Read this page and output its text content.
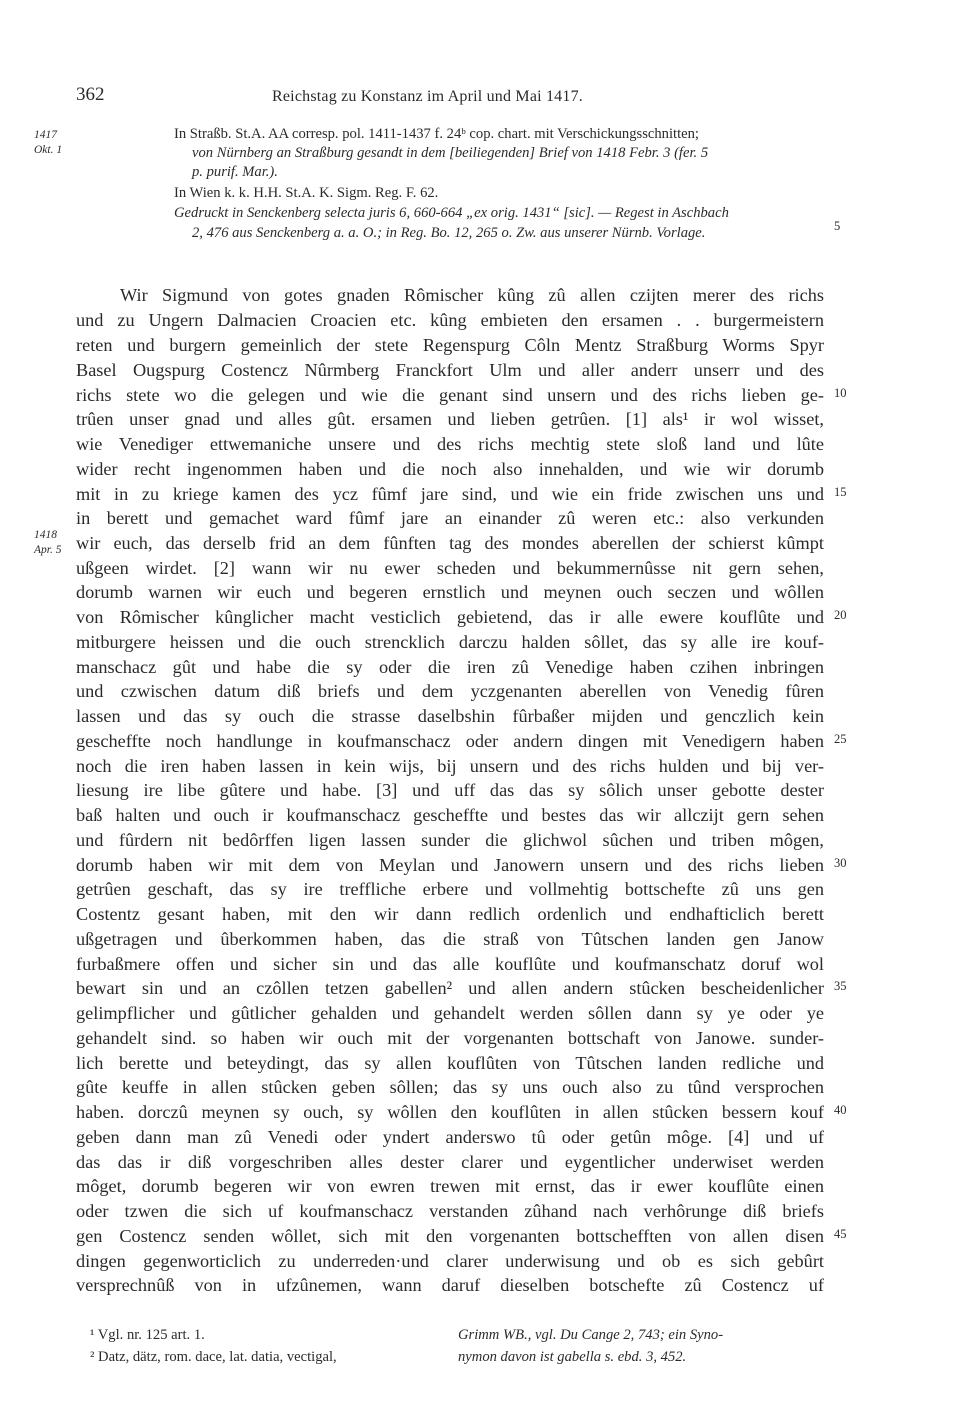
362	Reichstag zu Konstanz im April und Mai 1417.
1417
Okt. 1
In Straßb. St.A. AA corresp. pol. 1411-1437 f. 24ᵇ cop. chart. mit Verschickungsschnitten;
von Nürnberg an Straßburg gesandt in dem [beiliegenden] Brief von 1418 Febr. 3 (fer. 5
p. purif. Mar.).
In Wien k. k. H.H. St.A. K. Sigm. Reg. F. 62.
Gedruckt in Senckenberg selecta juris 6, 660-664 „ex orig. 1431“ [sic]. — Regest in Aschbach
2, 476 aus Senckenberg a. a. O.; in Reg. Bo. 12, 265 o. Zw. aus unserer Nürnb. Vorlage.	5
Wir Sigmund von gotes gnaden Rômischer kûng zû allen czijten merer des richs
und zu Ungern Dalmacien Croacien etc. kûng embieten den ersamen . . burgermeistern
reten und burgern gemeinlich der stete Regenspurg Côln Mentz Straßburg Worms Spyr
Basel Ougspurg Costencz Nûrmberg Franckfort Ulm und aller anderr unserr und des
richs stete wo die gelegen und wie die genant sind unsern und des richs lieben ge-
trûen unser gnad und alles gût. ersamen und lieben getrûen. [1] als¹ ir wol wisset,
wie Venediger ettwemaniche unsere und des richs mechtig stete sloß land und lûte
wider recht ingenommen haben und die noch also innehalden, und wie wir dorumb
mit in zu kriege kamen des ycz fûmf jare sind, und wie ein fride zwischen uns und
in berett und gemachet ward fûmf jare an einander zû weren etc.: also verkunden
wir euch, das derselb frid an dem fûnften tag des mondes aberellen der schierst kûmpt
ußgeen wirdet. [2] wann wir nu ewer scheden und bekummernûsse nit gern sehen,
dorumb warnen wir euch und begeren ernstlich und meynen ouch seczen und wôllen
von Rômischer kûnglicher macht vesticlich gebietend, das ir alle ewere kouflûte und
mitburgere heissen und die ouch strencklich darczu halden sôllet, das sy alle ire kouf-
manschacz gût und habe die sy oder die iren zû Venedige haben czihen inbringen
und czwischen datum diß briefs und dem yczgenanten aberellen von Venedig fûren
lassen und das sy ouch die strasse daselbshin fûrbaßer mijden und genczlich kein
gescheffte noch handlunge in koufmanschacz oder andern dingen mit Venedigern haben
noch die iren haben lassen in kein wijs, bij unsern und des richs hulden und bij ver-
liesung ire libe gûtere und habe. [3] und uff das das sy sôlich unser gebotte dester
baß halten und ouch ir koufmanschacz gescheffte und bestes das wir allczijt gern sehen
und fûrdern nit bedôrffen ligen lassen sunder die glichwol sûchen und triben môgen,
dorumb haben wir mit dem von Meylan und Janowern unsern und des richs lieben
getrûen geschaft, das sy ire treffliche erbere und vollmehtig bottschefte zû uns gen
Costentz gesant haben, mit den wir dann redlich ordenlich und endhafticlich berett
ußgetragen und ûberkommen haben, das die straß von Tûtschen landen gen Janow
furbaßmere offen und sicher sin und das alle kouflûte und koufmanschatz doruf wol
bewart sin und an czôllen tetzen gabellen² und allen andern stûcken bescheidenlicher
gelimpflicher und gûtlicher gehalden und gehandelt werden sôllen dann sy ye oder ye
gehandelt sind. so haben wir ouch mit der vorgenanten bottschaft von Janowe. sunder-
lich berette und beteydingt, das sy allen kouflûten von Tûtschen landen redliche und
gûte keuffe in allen stûcken geben sôllen; das sy uns ouch also zu tûnd versprochen
haben. dorczû meynen sy ouch, sy wôllen den kouflûten in allen stûcken bessern kouf
geben dann man zû Venedi oder yndert anderswo tû oder getûn môge. [4] und uf
das das ir diß vorgeschriben alles dester clarer und eygentlicher underwiset werden
môget, dorumb begeren wir von ewren trewen mit ernst, das ir ewer kouflûte einen
oder tzwen die sich uf koufmanschacz verstanden zûhand nach verhôrunge diß briefs
gen Costencz senden wôllet, sich mit den vorgenanten bottschefften von allen disen
dingen gegenworticlich zu underreden·und clarer underwisung und ob es sich gebûrt
versprechnûß von in ufzûnemen, wann daruf dieselben botschefte zû Costencz uf
1418
Apr. 5
10
15
20
25
30
35
40
45
¹ Vgl. nr. 125 art. 1.
² Datz, dätz, rom. dace, lat. datia, vectigal,
Grimm WB., vgl. Du Cange 2, 743; ein Syno-
nymon davon ist gabella s. ebd. 3, 452.
